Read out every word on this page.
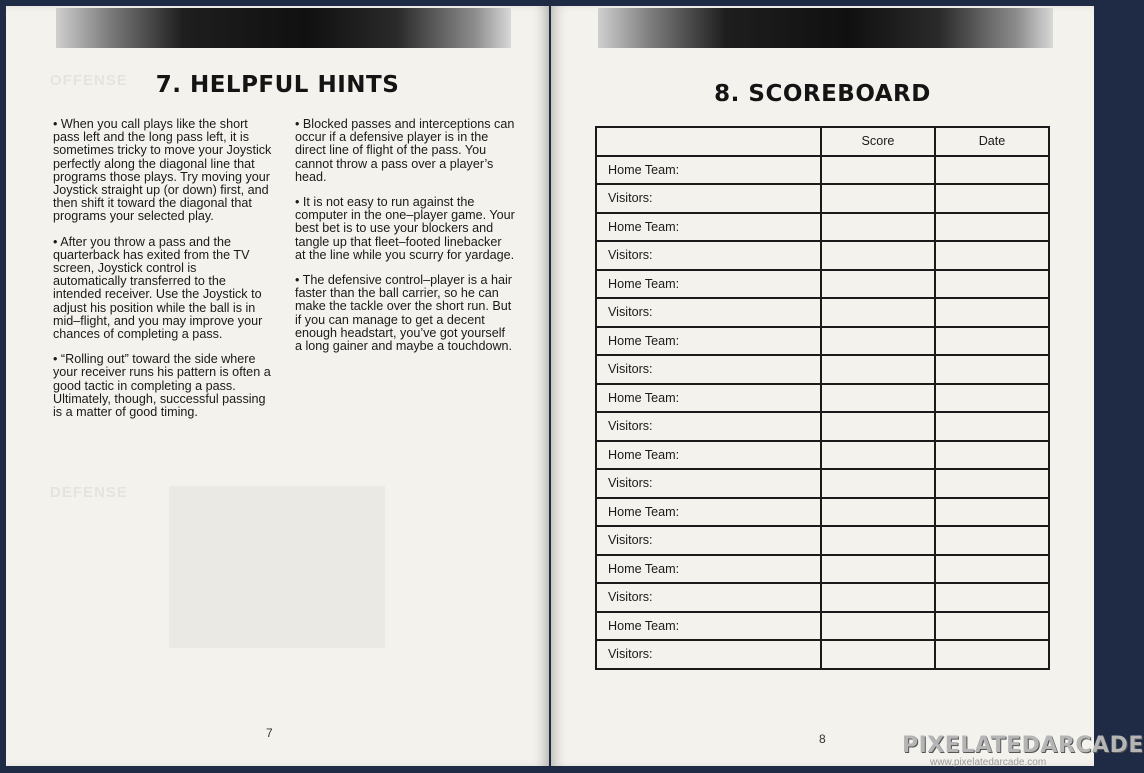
OFFENSE
DEFENSE
7. HELPFUL HINTS

• When you call plays like the short pass left and the long pass left, it is sometimes tricky to move your Joystick perfectly along the diagonal line that programs those plays. Try moving your Joystick straight up (or down) first, and then shift it toward the diagonal that programs your selected play.

• After you throw a pass and the quarterback has exited from the TV screen, Joystick control is automatically transferred to the intended receiver. Use the Joystick to adjust his position while the ball is in mid–flight, and you may improve your chances of completing a pass.

• “Rolling out” toward the side where your receiver runs his pattern is often a good tactic in completing a pass. Ultimately, though, successful passing is a matter of good timing.

• Blocked passes and interceptions can occur if a defensive player is in the direct line of flight of the pass. You cannot throw a pass over a player’s head.

• It is not easy to run against the computer in the one–player game. Your best bet is to use your blockers and tangle up that fleet–footed linebacker at the line while you scurry for yardage.

• The defensive control–player is a hair faster than the ball carrier, so he can make the tackle over the short run. But if you can manage to get a decent enough headstart, you’ve got yourself a long gainer and maybe a touchdown.

7
8. SCOREBOARD
	Score	Date
Home Team:		
Visitors:		
Home Team:		
Visitors:		
Home Team:		
Visitors:		
Home Team:		
Visitors:		
Home Team:		
Visitors:		
Home Team:		
Visitors:		
Home Team:		
Visitors:		
Home Team:		
Visitors:		
Home Team:		
Visitors:		
8	PIXELATEDARCADE
www.pixelatedarcade.com
